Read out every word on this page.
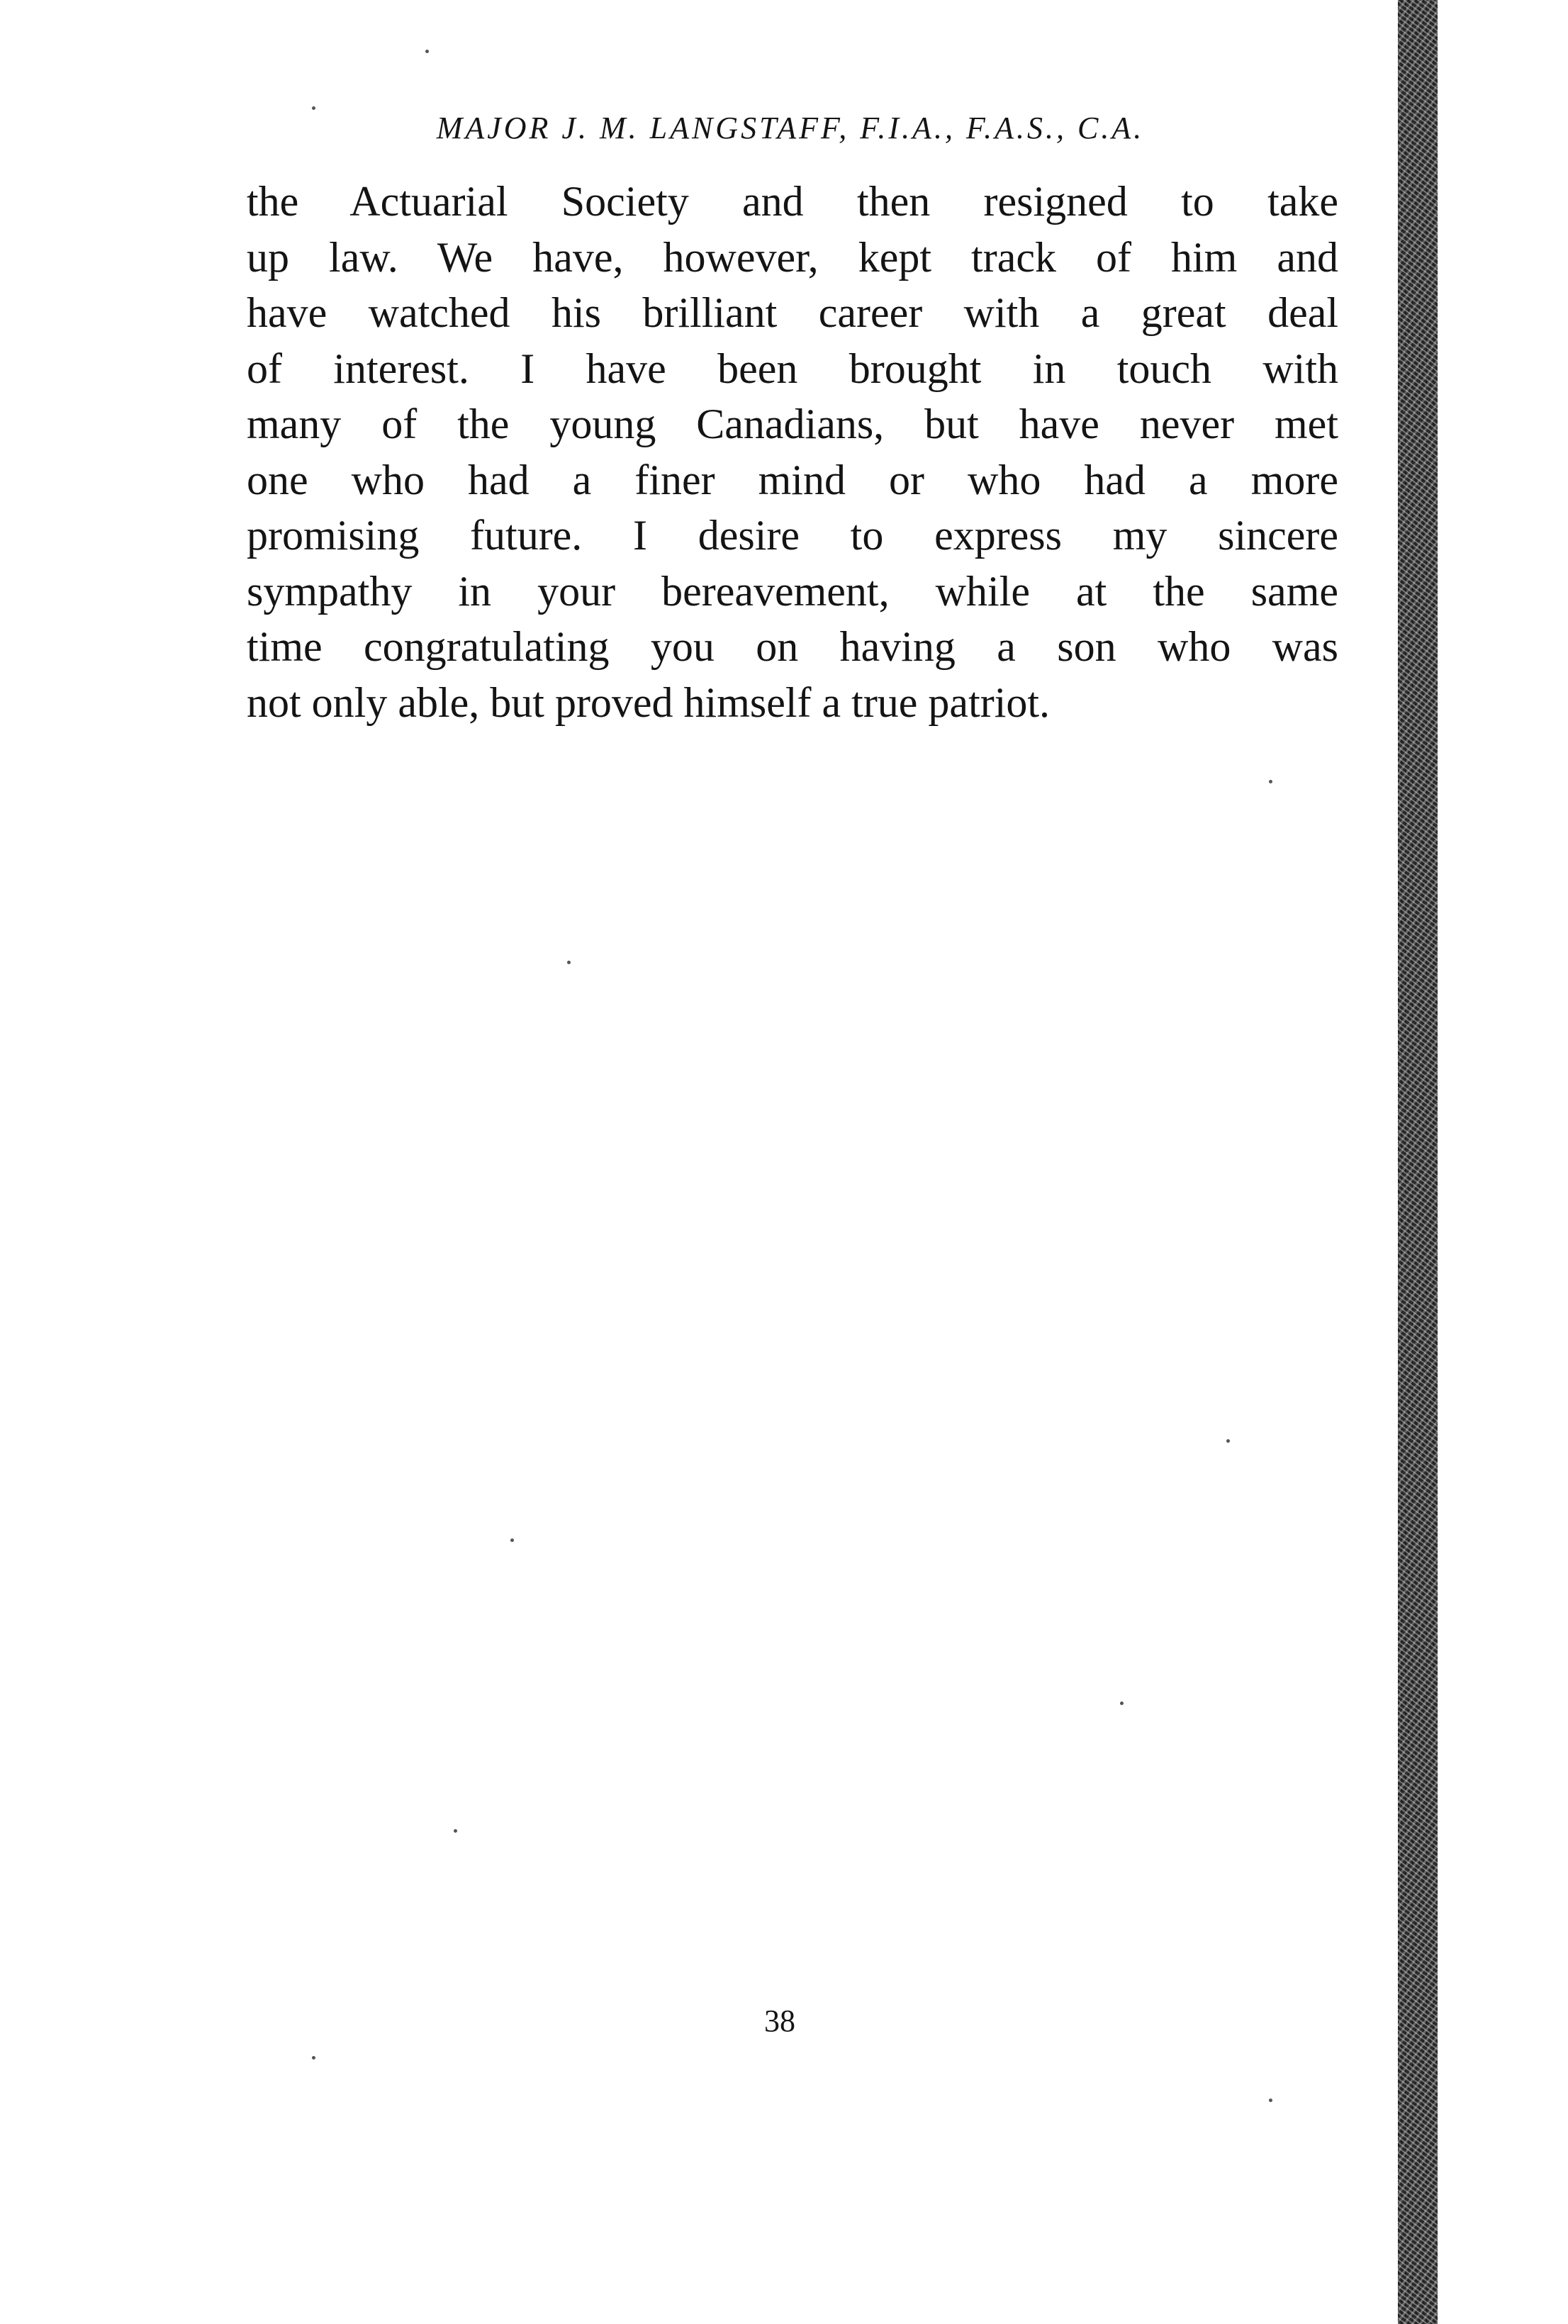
MAJOR J. M. LANGSTAFF, F.I.A., F.A.S., C.A.
the Actuarial Society and then resigned to take
up law. We have, however, kept track of him and
have watched his brilliant career with a great deal
of interest. I have been brought in touch with
many of the young Canadians, but have never met
one who had a finer mind or who had a more
promising future. I desire to express my sincere
sympathy in your bereavement, while at the same
time congratulating you on having a son who was
not only able, but proved himself a true patriot.
38
